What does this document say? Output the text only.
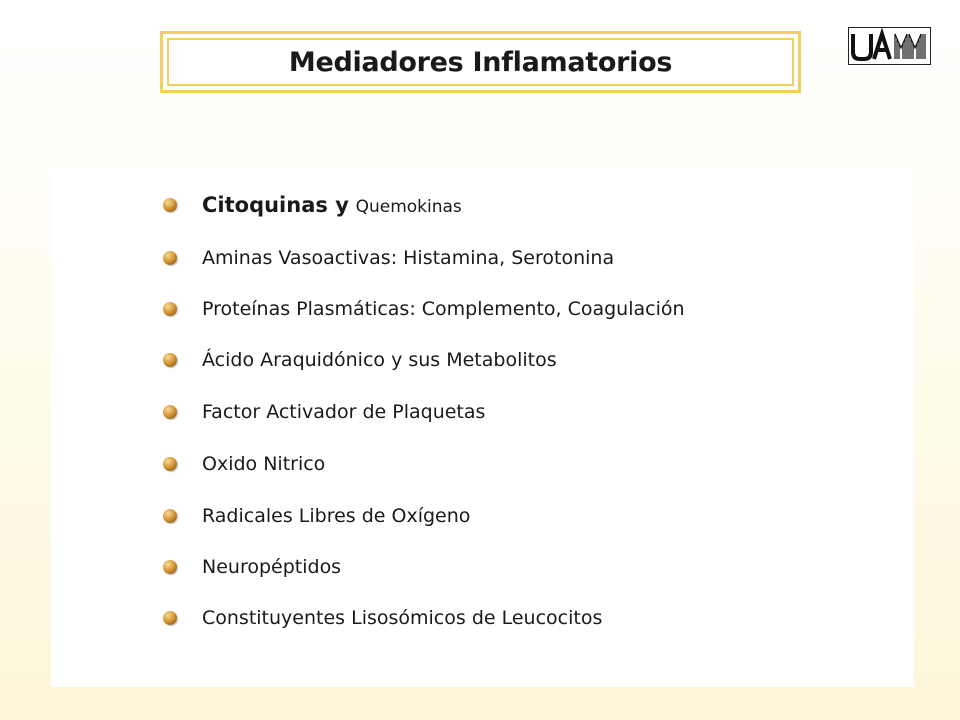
Mediadores Inflamatorios
Citoquinas y Quemokinas
Aminas Vasoactivas: Histamina, Serotonina
Proteínas Plasmáticas: Complemento, Coagulación
Ácido Araquidónico y sus Metabolitos
Factor Activador de Plaquetas
Oxido Nitrico
Radicales Libres de Oxígeno
Neuropéptidos
Constituyentes Lisosómicos de Leucocitos
